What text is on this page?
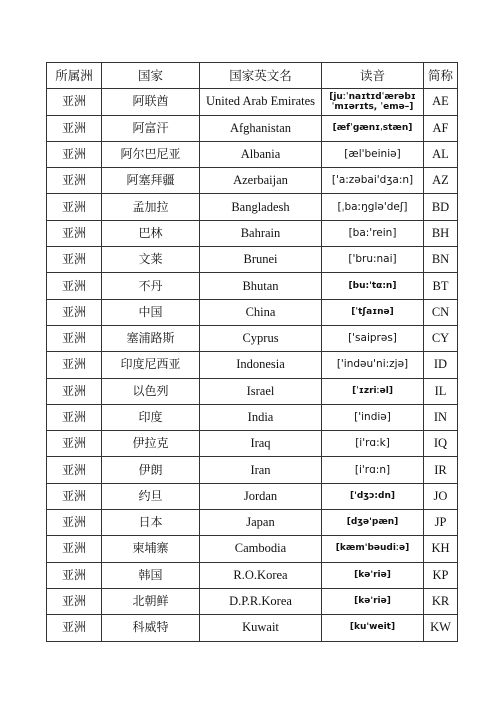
所属洲	国家	国家英文名	读音	简称
亚洲	阿联酋	United Arab Emirates	[juːˈnaɪtɪdˈærəbɪˈmɪərɪts, ˈemə–]	AE
亚洲	阿富汗	Afghanistan	[æfˈgænɪˌstæn]	AF
亚洲	阿尔巴尼亚	Albania	[æl'beiniə]	AL
亚洲	阿塞拜疆	Azerbaijan	['a:zəbai'dʒa:n]	AZ
亚洲	孟加拉	Bangladesh	[ˌbaːŋglə'deʃ]	BD
亚洲	巴林	Bahrain	[ba:'rein]	BH
亚洲	文莱	Brunei	['bru:nai]	BN
亚洲	不丹	Bhutan	[bu:'tα:n]	BT
亚洲	中国	China	[ˈtʃaɪnə]	CN
亚洲	塞浦路斯	Cyprus	['saiprəs]	CY
亚洲	印度尼西亚	Indonesia	['indəu'ni:zjə]	ID
亚洲	以色列	Israel	[ˈɪzriːəl]	IL
亚洲	印度	India	['indiə]	IN
亚洲	伊拉克	Iraq	[i'rɑ:k]	IQ
亚洲	伊朗	Iran	[i'rɑ:n]	IR
亚洲	约旦	Jordan	['dʒɔ:dn]	JO
亚洲	日本	Japan	[dʒə'pæn]	JP
亚洲	柬埔寨	Cambodia	[kæm'bəudiːə]	KH
亚洲	韩国	R.O.Korea	[kə'riə]	KP
亚洲	北朝鲜	D.P.R.Korea	[kə'riə]	KR
亚洲	科威特	Kuwait	[ku'weit]	KW
